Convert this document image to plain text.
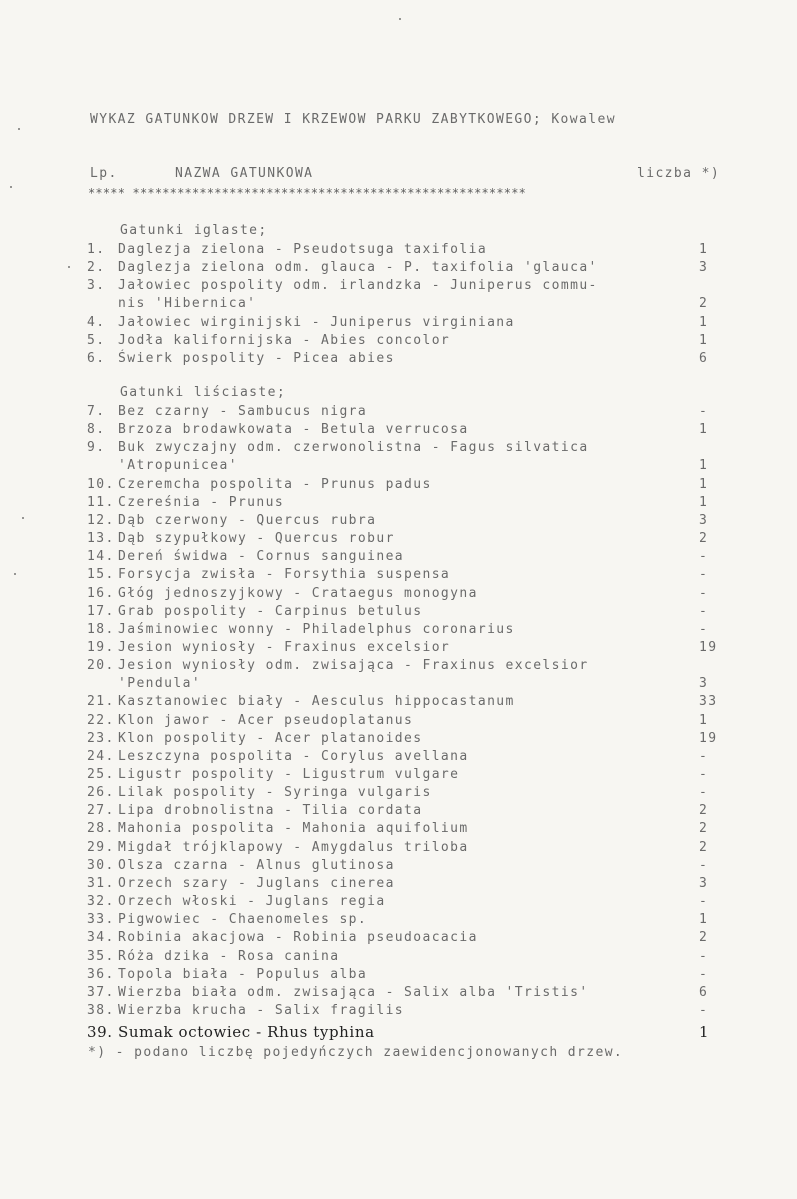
WYKAZ GATUNKOW DRZEW I KRZEWOW PARKU ZABYTKOWEGO; Kowalew
Lp.	NAZWA GATUNKOWA	liczba *)
***** *****************************************************
Gatunki iglaste;
1. Daglezja zielona - Pseudotsuga taxifolia	1
2. Daglezja zielona odm. glauca - P. taxifolia 'glauca'	3
3. Jałowiec pospolity odm. irlandzka - Juniperus commu-
nis 'Hibernica'	2
4. Jałowiec wirginijski - Juniperus virginiana	1
5. Jodła kalifornijska - Abies concolor	1
6. Świerk pospolity - Picea abies	6
Gatunki liściaste;
7. Bez czarny - Sambucus nigra	-
8. Brzoza brodawkowata - Betula verrucosa	1
9. Buk zwyczajny odm. czerwonolistna - Fagus silvatica
'Atropunicea'	1
10. Czeremcha pospolita - Prunus padus	1
11. Czereśnia - Prunus	1
12. Dąb czerwony - Quercus rubra	3
13. Dąb szypułkowy - Quercus robur	2
14. Dereń świdwa - Cornus sanguinea	-
15. Forsycja zwisła - Forsythia suspensa	-
16. Głóg jednoszyjkowy - Crataegus monogyna	-
17. Grab pospolity - Carpinus betulus	-
18. Jaśminowiec wonny - Philadelphus coronarius	-
19. Jesion wyniosły - Fraxinus excelsior	19
20. Jesion wyniosły odm. zwisająca - Fraxinus excelsior
'Pendula'	3
21. Kasztanowiec biały - Aesculus hippocastanum	33
22. Klon jawor - Acer pseudoplatanus	1
23. Klon pospolity - Acer platanoides	19
24. Leszczyna pospolita - Corylus avellana	-
25. Ligustr pospolity - Ligustrum vulgare	-
26. Lilak pospolity - Syringa vulgaris	-
27. Lipa drobnolistna - Tilia cordata	2
28. Mahonia pospolita - Mahonia aquifolium	2
29. Migdał trójklapowy - Amygdalus triloba	2
30. Olsza czarna - Alnus glutinosa	-
31. Orzech szary - Juglans cinerea	3
32. Orzech włoski - Juglans regia	-
33. Pigwowiec - Chaenomeles sp.	1
34. Robinia akacjowa - Robinia pseudoacacia	2
35. Róża dzika - Rosa canina	-
36. Topola biała - Populus alba	-
37. Wierzba biała odm. zwisająca - Salix alba 'Tristis'	6
38. Wierzba krucha - Salix fragilis	-
39. Sumak octowiec - Rhus typhina	1
*) - podano liczbę pojedyńczych zaewidencjonowanych drzew.
